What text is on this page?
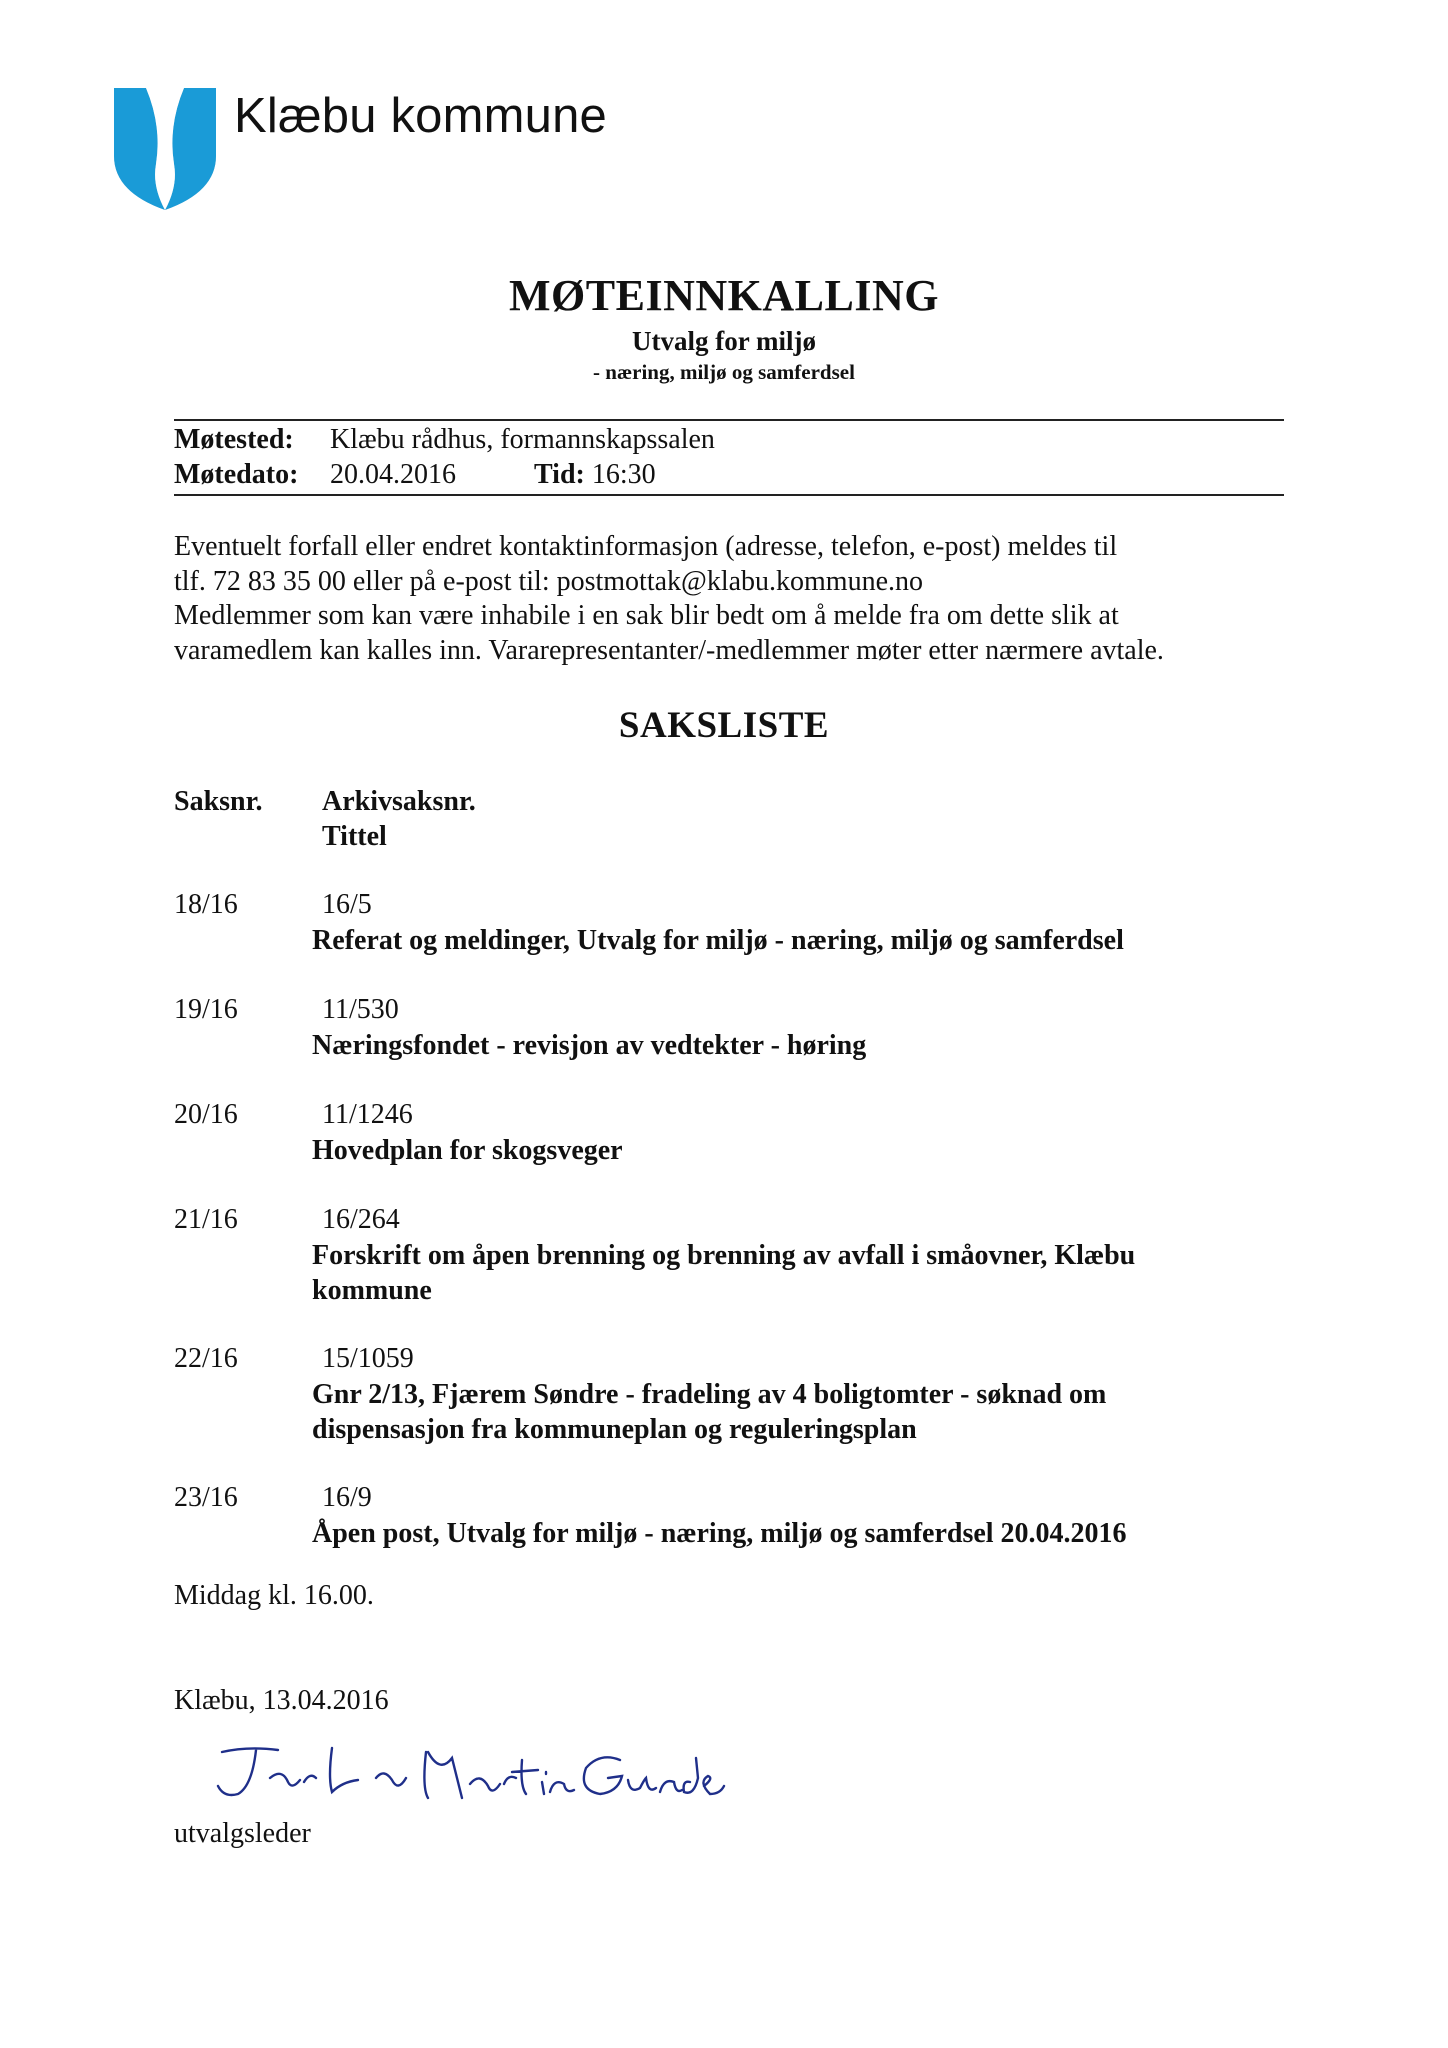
Klæbu kommune
MØTEINNKALLING
Utvalg for miljø
- næring, miljø og samferdsel
Møtested: Klæbu rådhus, formannskapssalen
Møtedato: 20.04.2016	Tid: 16:30
Eventuelt forfall eller endret kontaktinformasjon (adresse, telefon, e-post) meldes til
tlf. 72 83 35 00 eller på e-post til: postmottak@klabu.kommune.no
Medlemmer som kan være inhabile i en sak blir bedt om å melde fra om dette slik at
varamedlem kan kalles inn. Vararepresentanter/-medlemmer møter etter nærmere avtale.
SAKSLISTE
Saksnr. Arkivsaksnr.
Tittel
18/16	16/5
Referat og meldinger, Utvalg for miljø - næring, miljø og samferdsel
19/16	11/530
Næringsfondet - revisjon av vedtekter - høring
20/16	11/1246
Hovedplan for skogsveger
21/16	16/264
Forskrift om åpen brenning og brenning av avfall i småovner, Klæbu kommune
22/16	15/1059
Gnr 2/13, Fjærem Søndre - fradeling av 4 boligtomter - søknad om dispensasjon fra kommuneplan og reguleringsplan
23/16	16/9
Åpen post, Utvalg for miljø - næring, miljø og samferdsel 20.04.2016
Middag kl. 16.00.
Klæbu, 13.04.2016
utvalgsleder
